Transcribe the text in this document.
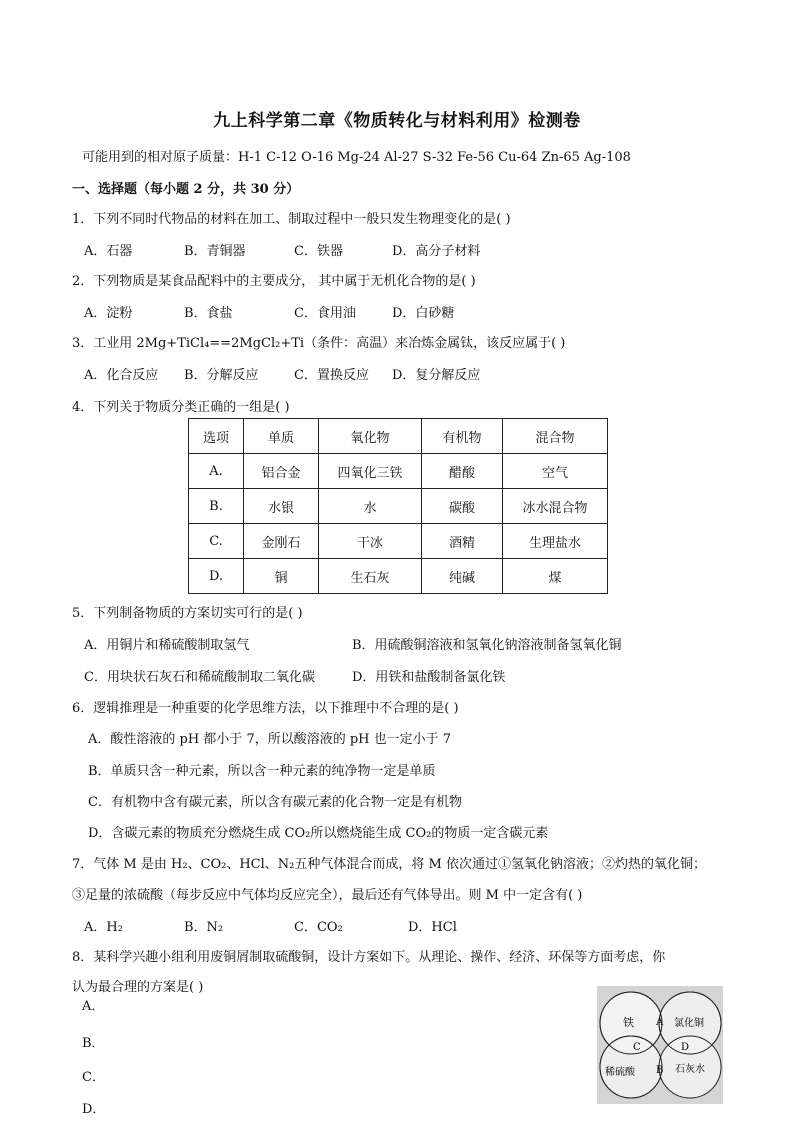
九上科学第二章《物质转化与材料利用》检测卷
可能用到的相对原子质量：H-1 C-12 O-16 Mg-24 Al-27 S-32 Fe-56 Cu-64 Zn-65 Ag-108
一、选择题（每小题 2 分，共 30 分）
1．下列不同时代物品的材料在加工、制取过程中一般只发生物理变化的是( )
A．石器	B．青铜器	C．铁器	D．高分子材料
2．下列物质是某食品配料中的主要成分， 其中属于无机化合物的是( )
A．淀粉	B．食盐	C．食用油	D．白砂糖
3．工业用 2Mg+TiCl₄==2MgCl₂+Ti（条件：高温）来冶炼金属钛，该反应属于( )
A．化合反应 B．分解反应	C．置换反应 D．复分解反应
4．下列关于物质分类正确的一组是( )
选项	单质	氧化物	有机物	混合物
A.	铝合金	四氧化三铁	醋酸	空气
B.	水银	水	碳酸	冰水混合物
C.	金刚石	干冰	酒精	生理盐水
D.	铜	生石灰	纯碱	煤
5．下列制备物质的方案切实可行的是( )
A．用铜片和稀硫酸制取氢气	B．用硫酸铜溶液和氢氧化钠溶液制备氢氧化铜
C．用块状石灰石和稀硫酸制取二氧化碳	D．用铁和盐酸制备氯化铁
6．逻辑推理是一种重要的化学思维方法，以下推理中不合理的是( )
A．酸性溶液的 pH 都小于 7，所以酸溶液的 pH 也一定小于 7
B．单质只含一种元素，所以含一种元素的纯净物一定是单质
C．有机物中含有碳元素，所以含有碳元素的化合物一定是有机物
D．含碳元素的物质充分燃烧生成 CO₂所以燃烧能生成 CO₂的物质一定含碳元素
7．气体 M 是由 H₂、CO₂、HCl、N₂五种气体混合而成，将 M 依次通过①氢氧化钠溶液；②灼热的氧化铜；
③足量的浓硫酸（每步反应中气体均反应完全），最后还有气体导出。则 M 中一定含有( )
A．H₂	B．N₂	C．CO₂	D．HCl
8．某科学兴趣小组利用废铜屑制取硫酸铜，设计方案如下。从理论、操作、经济、环保等方面考虑，你
认为最合理的方案是( )
A．
B．
C．
D．
铁	氯化铜
稀硫酸	石灰水
A
B
C	D
